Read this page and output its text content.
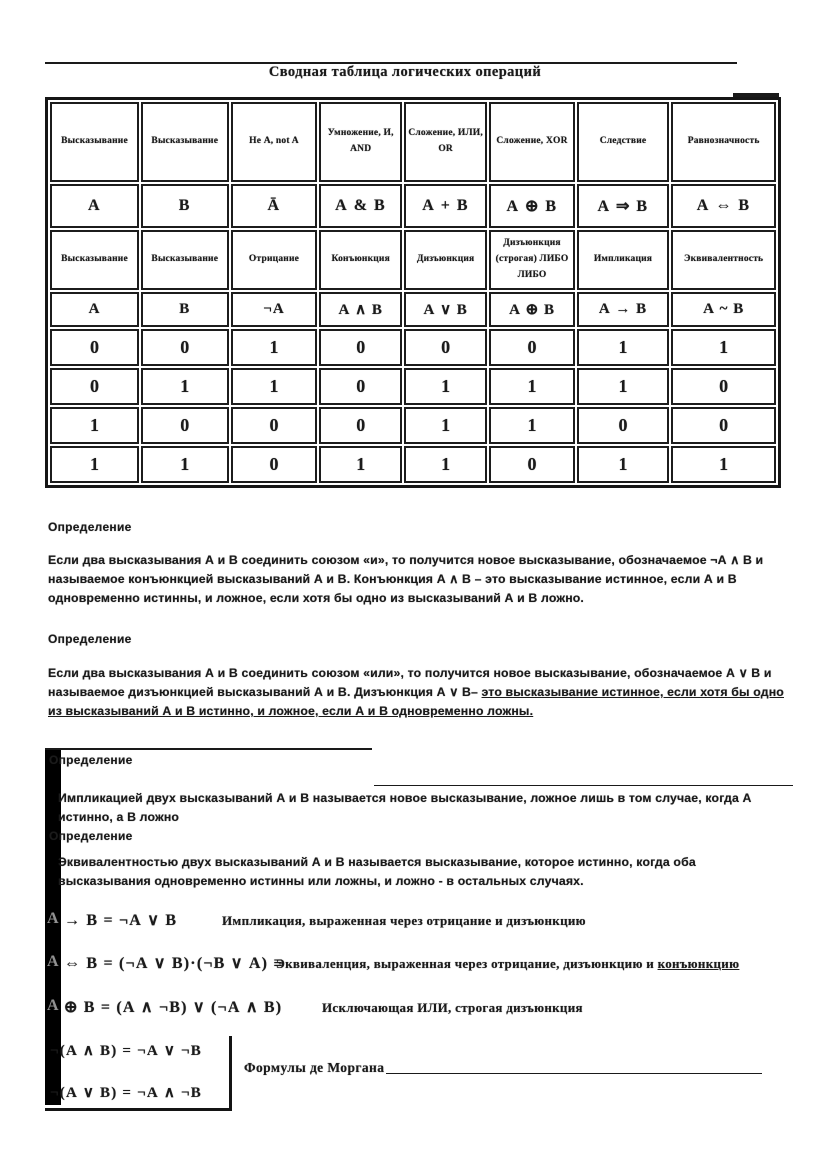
Сводная таблица логических операций
Высказывание	Высказывание	Не А, not A	Умножение, И, AND	Сложение, ИЛИ, OR	Сложение, XOR	Следствие	Равнозначность
А	В	Ā	А & В	А + В	А ⊕ В	А ⇒ В	А ⇔ В
Высказывание	Высказывание	Отрицание	Конъюнкция	Дизъюнкция	Дизъюнкция (строгая) ЛИБО ЛИБО	Импликация	Эквивалентность
А	В	¬А	А ∧ В	А ∨ В	А ⊕ В	А → В	А ~ В
0	0	1	0	0	0	1	1
0	1	1	0	1	1	1	0
1	0	0	0	1	1	0	0
1	1	0	1	1	0	1	1
Определение
Если два высказывания А и В соединить союзом «и», то получится новое высказывание, обозначаемое ¬А ∧ В и называемое конъюнкцией высказываний А и В. Конъюнкция А ∧ В – это высказывание истинное, если А и В одновременно истинны, и ложное, если хотя бы одно из высказываний А и В ложно.
Определение
Если два высказывания А и В соединить союзом «или», то получится новое высказывание, обозначаемое А ∨ В и называемое дизъюнкцией высказываний А и В. Дизъюнкция А ∨ В– это высказывание истинное, если хотя бы одно из высказываний А и В истинно, и ложное, если А и В одновременно ложны.
Определение
Импликацией двух высказываний А и В называется новое высказывание, ложное лишь в том случае, когда А истинно, а В ложно
Определение
Эквивалентностью двух высказываний А и В называется высказывание, которое истинно, когда оба высказывания одновременно истинны или ложны, и ложно - в остальных случаях.
А → В = ¬А ∨ В	Импликация, выраженная через отрицание и дизъюнкцию
А ⇔ В = (¬А ∨ В)·(¬В ∨ А) ≡
Эквиваленция, выраженная через отрицание, дизъюнкцию и конъюнкцию
А ⊕ В = (А ∧ ¬В) ∨ (¬А ∧ В)	Исключающая ИЛИ, строгая дизъюнкция
¬(А ∧ В) = ¬А ∨ ¬В
¬(А ∨ В) = ¬А ∧ ¬В
Формулы де Моргана
